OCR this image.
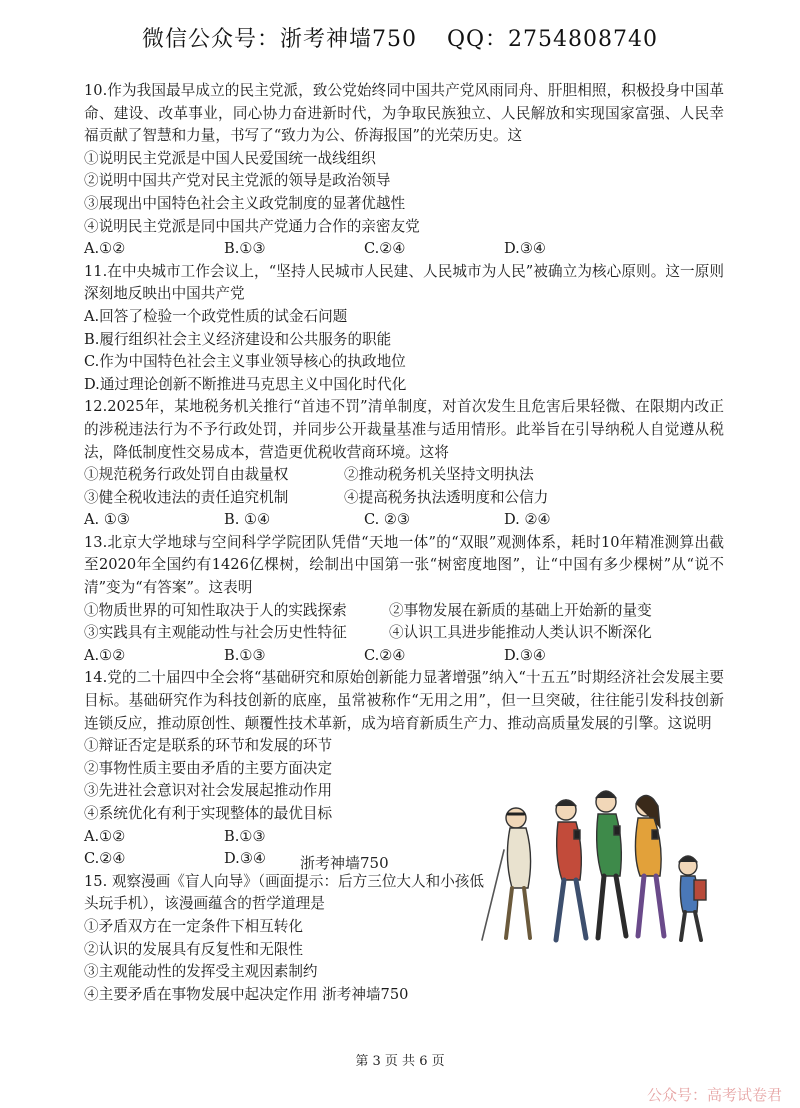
微信公众号：浙考神墙750 QQ：2754808740

10.作为我国最早成立的民主党派，致公党始终同中国共产党风雨同舟、肝胆相照，积极投身中国革命、建设、改革事业，同心协力奋进新时代，为争取民族独立、人民解放和实现国家富强、人民幸福贡献了智慧和力量，书写了“致力为公、侨海报国”的光荣历史。这

①说明民主党派是中国人民爱国统一战线组织

②说明中国共产党对民主党派的领导是政治领导

③展现出中国特色社会主义政党制度的显著优越性

④说明民主党派是同中国共产党通力合作的亲密友党

A.①②	B.①③	C.②④	D.③④

11.在中央城市工作会议上，“坚持人民城市人民建、人民城市为人民”被确立为核心原则。这一原则深刻地反映出中国共产党

A.回答了检验一个政党性质的试金石问题

B.履行组织社会主义经济建设和公共服务的职能

C.作为中国特色社会主义事业领导核心的执政地位

D.通过理论创新不断推进马克思主义中国化时代化

12.2025年，某地税务机关推行“首违不罚”清单制度，对首次发生且危害后果轻微、在限期内改正的涉税违法行为不予行政处罚，并同步公开裁量基准与适用情形。此举旨在引导纳税人自觉遵从税法，降低制度性交易成本，营造更优税收营商环境。这将

①规范税务行政处罚自由裁量权	②推动税务机关坚持文明执法
③健全税收违法的责任追究机制	④提高税务执法透明度和公信力
A. ①③	B. ①④	C. ②③	D. ②④

13.北京大学地球与空间科学学院团队凭借“天地一体”的“双眼”观测体系，耗时10年精准测算出截至2020年全国约有1426亿棵树，绘制出中国第一张“树密度地图”，让“中国有多少棵树”从“说不清”变为“有答案”。这表明

①物质世界的可知性取决于人的实践探索	②事物发展在新质的基础上开始新的量变
③实践具有主观能动性与社会历史性特征	④认识工具进步能推动人类认识不断深化
A.①②	B.①③	C.②④	D.③④

14.党的二十届四中全会将“基础研究和原始创新能力显著增强”纳入“十五五”时期经济社会发展主要目标。基础研究作为科技创新的底座，虽常被称作“无用之用”，但一旦突破，往往能引发科技创新连锁反应，推动原创性、颠覆性技术革新，成为培育新质生产力、推动高质量发展的引擎。这说明

①辩证否定是联系的环节和发展的环节

②事物性质主要由矛盾的主要方面决定

③先进社会意识对社会发展起推动作用

④系统优化有利于实现整体的最优目标

A.①②	B.①③
C.②④	D.③④

15. 观察漫画《盲人向导》（画面提示：后方三位大人和小孩低头玩手机），该漫画蕴含的哲学道理是

①矛盾双方在一定条件下相互转化

②认识的发展具有反复性和无限性

③主观能动性的发挥受主观因素制约

④主要矛盾在事物发展中起决定作用 浙考神墙750

浙考神墙750
第 3 页 共 6 页
公众号：高考试卷君
